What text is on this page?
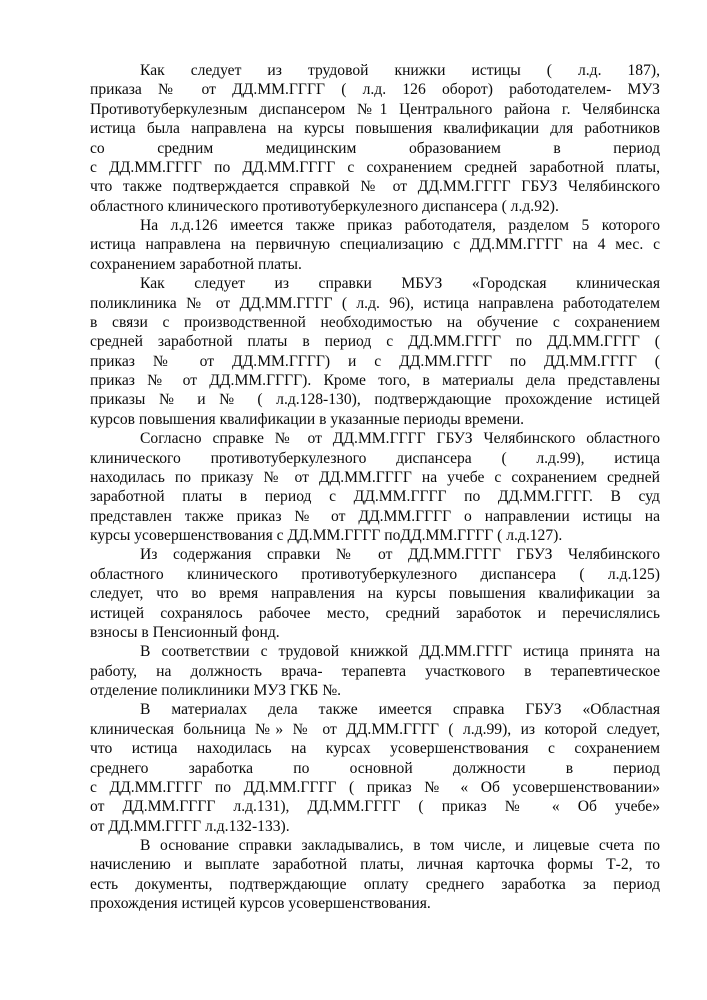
Как следует из трудовой книжки истицы ( л.д. 187),
приказа № от ДД.ММ.ГГГГ ( л.д. 126 оборот) работодателем- МУЗ
Противотуберкулезным диспансером №1 Центрального района г. Челябинска
истица была направлена на курсы повышения квалификации для работников
со средним медицинским образованием в период
с ДД.ММ.ГГГГ по ДД.ММ.ГГГГ с сохранением средней заработной платы,
что также подтверждается справкой № от ДД.ММ.ГГГГ ГБУЗ Челябинского
областного клинического противотуберкулезного диспансера ( л.д.92).
На л.д.126 имеется также приказ работодателя, разделом 5 которого
истица направлена на первичную специализацию с ДД.ММ.ГГГГ на 4 мес. с
сохранением заработной платы.
Как следует из справки МБУЗ «Городская клиническая
поликлиника № от ДД.ММ.ГГГГ ( л.д. 96), истица направлена работодателем
в связи с производственной необходимостью на обучение с сохранением
средней заработной платы в период с ДД.ММ.ГГГГ по ДД.ММ.ГГГГ (
приказ № от ДД.ММ.ГГГГ) и с ДД.ММ.ГГГГ по ДД.ММ.ГГГГ (
приказ № от ДД.ММ.ГГГГ). Кроме того, в материалы дела представлены
приказы № и № ( л.д.128-130), подтверждающие прохождение истицей
курсов повышения квалификации в указанные периоды времени.
Согласно справке № от ДД.ММ.ГГГГ ГБУЗ Челябинского областного
клинического противотуберкулезного диспансера ( л.д.99), истица
находилась по приказу № от ДД.ММ.ГГГГ на учебе с сохранением средней
заработной платы в период с ДД.ММ.ГГГГ по ДД.ММ.ГГГГ. В суд
представлен также приказ № от ДД.ММ.ГГГГ о направлении истицы на
курсы усовершенствования с ДД.ММ.ГГГГ поДД.ММ.ГГГГ ( л.д.127).
Из содержания справки № от ДД.ММ.ГГГГ ГБУЗ Челябинского
областного клинического противотуберкулезного диспансера ( л.д.125)
следует, что во время направления на курсы повышения квалификации за
истицей сохранялось рабочее место, средний заработок и перечислялись
взносы в Пенсионный фонд.
В соответствии с трудовой книжкой ДД.ММ.ГГГГ истица принята на
работу, на должность врача- терапевта участкового в терапевтическое
отделение поликлиники МУЗ ГКБ №.
В материалах дела также имеется справка ГБУЗ «Областная
клиническая больница №» № от ДД.ММ.ГГГГ ( л.д.99), из которой следует,
что истица находилась на курсах усовершенствования с сохранением
среднего заработка по основной должности в период
с ДД.ММ.ГГГГ по ДД.ММ.ГГГГ ( приказ № « Об усовершенствовании»
от ДД.ММ.ГГГГ л.д.131), ДД.ММ.ГГГГ ( приказ № « Об учебе»
от ДД.ММ.ГГГГ л.д.132-133).
В основание справки закладывались, в том числе, и лицевые счета по
начислению и выплате заработной платы, личная карточка формы Т-2, то
есть документы, подтверждающие оплату среднего заработка за период
прохождения истицей курсов усовершенствования.
